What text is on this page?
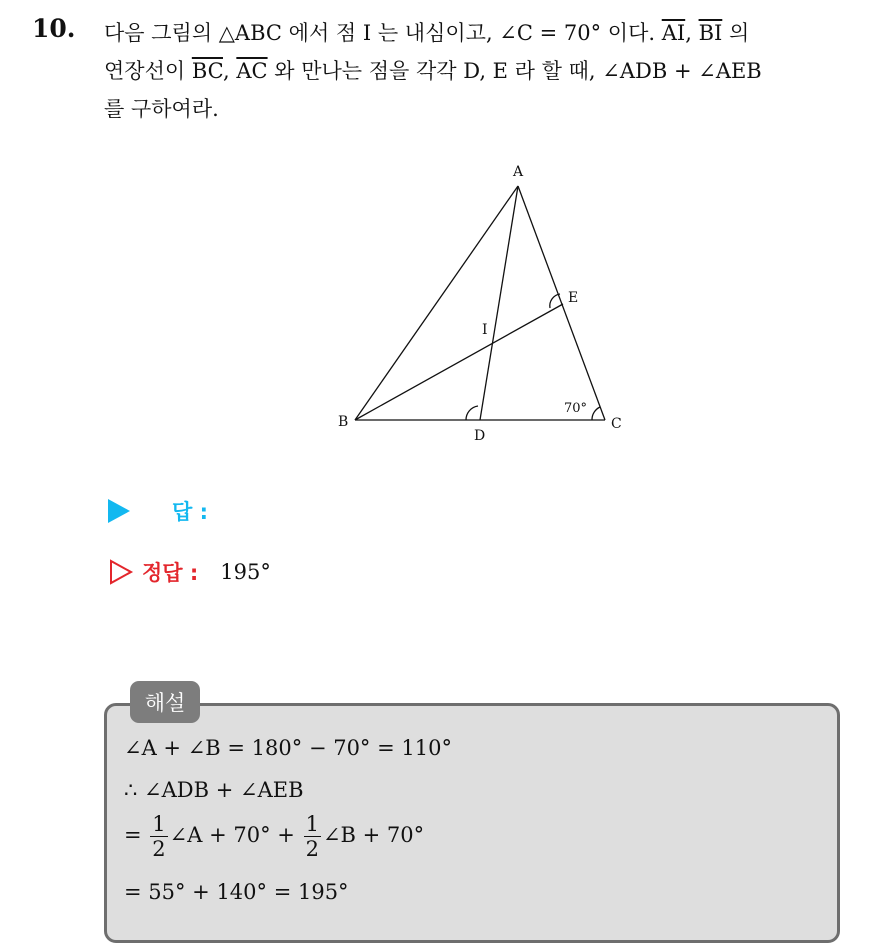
10. 다음 그림의 △ABC 에서 점 I 는 내심이고, ∠C = 70° 이다. $\overline{AI}$, $\overline{BI}$ 의
연장선이 $\overline{BC}$, $\overline{AC}$ 와 만나는 점을 각각 D, E 라 할 때, ∠ADB + ∠AEB
를 구하여라.
A
B	C
D
E
I
70°
답 :
정답 : 195°
해설
∠A + ∠B = 180° − 70° = 110°
∴ ∠ADB + ∠AEB
= $\frac{1}{2}$ ∠A + $70^\circ + \frac{1}{2}$ ∠B + 70°
= 55° + 140° = 195°
